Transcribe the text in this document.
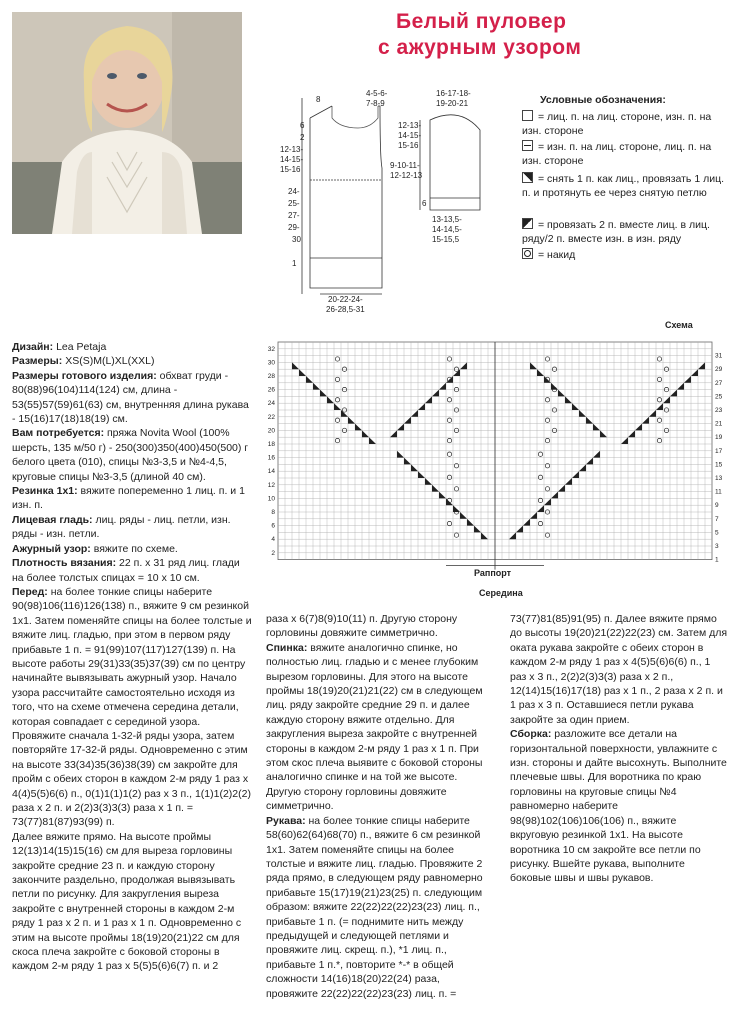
Белый пуловер
с ажурным узором
8
6
2
12-13-
14-15-
15-16
24-
25-
27-
29-
30
1
4-5-6-
7-8-9
20-22-24-
26-28,5-31
16-17-18-
19-20-21
12-13-
14-15-
15-16
9-10-11-
12-12-13
13-13,5-
14-14,5-
15-15,5
6
Условные обозначения:
= лиц. п. на лиц. стороне, изн. п. на изн. стороне
= изн. п. на лиц. стороне, лиц. п. на изн. стороне
= снять 1 п. как лиц., провязать 1 лиц. п. и протянуть ее через снятую петлю
= провязать 2 п. вместе лиц. в лиц. ряду/2 п. вместе изн. в изн. ряду
= накид
Схема
32
30
28
26
24
22
20
18
16
14
12
10
8
6
4
2
31
29
27
25
23
21
19
17
15
13
11
9
7
5
3
1
Раппорт
Середина

Дизайн: Lea Petaja

Размеры: XS(S)M(L)XL(XXL)

Размеры готового изделия: обхват груди - 80(88)96(104)114(124) см, длина - 53(55)57(59)61(63) см, внутренняя длина рукава - 15(16)17(18)18(19) см.

Вам потребуется: пряжа Novita Wool (100% шерсть, 135 м/50 г) - 250(300)350(400)450(500) г белого цвета (010), спицы №3-3,5 и №4-4,5, круговые спицы №3-3,5 (длиной 40 см).

Резинка 1х1: вяжите попеременно 1 лиц. п. и 1 изн. п.

Лицевая гладь: лиц. ряды - лиц. петли, изн. ряды - изн. петли.

Ажурный узор: вяжите по схеме.

Плотность вязания: 22 п. х 31 ряд лиц. глади на более толстых спицах = 10 х 10 см.

Перед: на более тонкие спицы наберите 90(98)106(116)126(138) п., вяжите 9 см резинкой 1х1. Затем поменяйте спицы на более толстые и вяжите лиц. гладью, при этом в первом ряду прибавьте 1 п. = 91(99)107(117)127(139) п. На высоте работы 29(31)33(35)37(39) см по центру начинайте вывязывать ажурный узор. Начало узора рассчитайте самостоятельно исходя из того, что на схеме отмечена середина детали, которая совпадает с серединой узора. Провяжите сначала 1-32-й ряды узора, затем повторяйте 17-32-й ряды. Одновременно с этим на высоте 33(34)35(36)38(39) см закройте для пройм с обеих сторон в каждом 2-м ряду 1 раз х 4(4)5(5)6(6) п., 0(1)1(1)1(2) раз х 3 п., 1(1)1(2)2(2) раза х 2 п. и 2(2)3(3)3(3) раза х 1 п. = 73(77)81(87)93(99) п.

Далее вяжите прямо. На высоте проймы 12(13)14(15)15(16) см для выреза горловины закройте средние 23 п. и каждую сторону закончите раздельно, продолжая вывязывать петли по рисунку. Для закругления выреза закройте с внутренней стороны в каждом 2-м ряду 1 раз х 2 п. и 1 раз х 1 п. Одновременно с этим на высоте проймы 18(19)20(21)22 см для скоса плеча закройте с боковой стороны в каждом 2-м ряду 1 раз х 5(5)5(6)6(7) п. и 2

раза х 6(7)8(9)10(11) п. Другую сторону горловины довяжите симметрично.

Спинка: вяжите аналогично спинке, но полностью лиц. гладью и с менее глубоким вырезом горловины. Для этого на высоте проймы 18(19)20(21)21(22) см в следующем лиц. ряду закройте средние 29 п. и далее каждую сторону вяжите отдельно. Для закругления выреза закройте с внутренней стороны в каждом 2-м ряду 1 раз х 1 п. При этом скос плеча выявите с боковой стороны аналогично спинке и на той же высоте. Другую сторону горловины довяжите симметрично.

Рукава: на более тонкие спицы наберите 58(60)62(64)68(70) п., вяжите 6 см резинкой 1х1. Затем поменяйте спицы на более толстые и вяжите лиц. гладью. Провяжите 2 ряда прямо, в следующем ряду равномерно прибавьте 15(17)19(21)23(25) п. следующим образом: вяжите 22(22)22(22)23(23) лиц. п., прибавьте 1 п. (= поднимите нить между предыдущей и следующей петлями и провяжите лиц. скрещ. п.), *1 лиц. п., прибавьте 1 п.*, повторите *-* в общей сложности 14(16)18(20)22(24) раза, провяжите 22(22)22(22)23(23) лиц. п. =

73(77)81(85)91(95) п. Далее вяжите прямо до высоты 19(20)21(22)22(23) см. Затем для оката рукава закройте с обеих сторон в каждом 2-м ряду 1 раз х 4(5)5(6)6(6) п., 1 раз х 3 п., 2(2)2(3)3(3) раза х 2 п., 12(14)15(16)17(18) раз х 1 п., 2 раза х 2 п. и 1 раз х 3 п. Оставшиеся петли рукава закройте за один прием.

Сборка: разложите все детали на горизонтальной поверхности, увлажните с изн. стороны и дайте высохнуть. Выполните плечевые швы. Для воротника по краю горловины на круговые спицы №4 равномерно наберите 98(98)102(106)106(106) п., вяжите вкруговую резинкой 1х1. На высоте воротника 10 см закройте все петли по рисунку. Вшейте рукава, выполните боковые швы и швы рукавов.
